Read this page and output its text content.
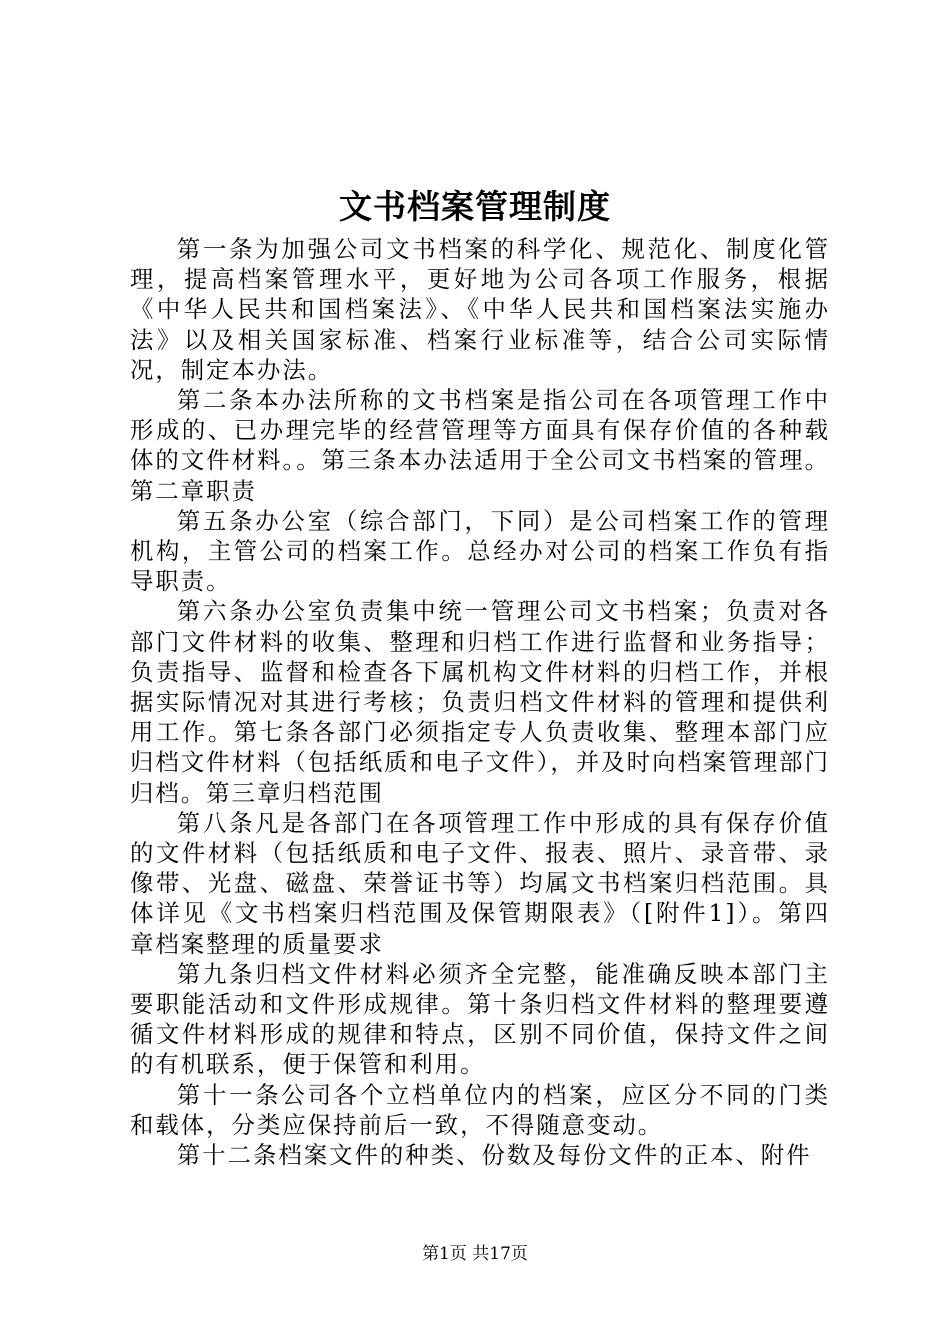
文书档案管理制度

第一条为加强公司文书档案的科学化、规范化、制度化管理，提高档案管理水平，更好地为公司各项工作服务，根据《中华人民共和国档案法》、《中华人民共和国档案法实施办法》以及相关国家标准、档案行业标准等，结合公司实际情况，制定本办法。

第二条本办法所称的文书档案是指公司在各项管理工作中形成的、已办理完毕的经营管理等方面具有保存价值的各种载体的文件材料。。第三条本办法适用于全公司文书档案的管理。第二章职责

第五条办公室（综合部门，下同）是公司档案工作的管理机构，主管公司的档案工作。总经办对公司的档案工作负有指导职责。

第六条办公室负责集中统一管理公司文书档案；负责对各部门文件材料的收集、整理和归档工作进行监督和业务指导；负责指导、监督和检查各下属机构文件材料的归档工作，并根据实际情况对其进行考核；负责归档文件材料的管理和提供利用工作。第七条各部门必须指定专人负责收集、整理本部门应归档文件材料（包括纸质和电子文件），并及时向档案管理部门归档。第三章归档范围

第八条凡是各部门在各项管理工作中形成的具有保存价值的文件材料（包括纸质和电子文件、报表、照片、录音带、录像带、光盘、磁盘、荣誉证书等）均属文书档案归档范围。具体详见《文书档案归档范围及保管期限表》（[附件1]）。第四章档案整理的质量要求

第九条归档文件材料必须齐全完整，能准确反映本部门主要职能活动和文件形成规律。第十条归档文件材料的整理要遵循文件材料形成的规律和特点，区别不同价值，保持文件之间的有机联系，便于保管和利用。

第十一条公司各个立档单位内的档案，应区分不同的门类和载体，分类应保持前后一致，不得随意变动。

第十二条档案文件的种类、份数及每份文件的正本、附件

第1页 共17页
